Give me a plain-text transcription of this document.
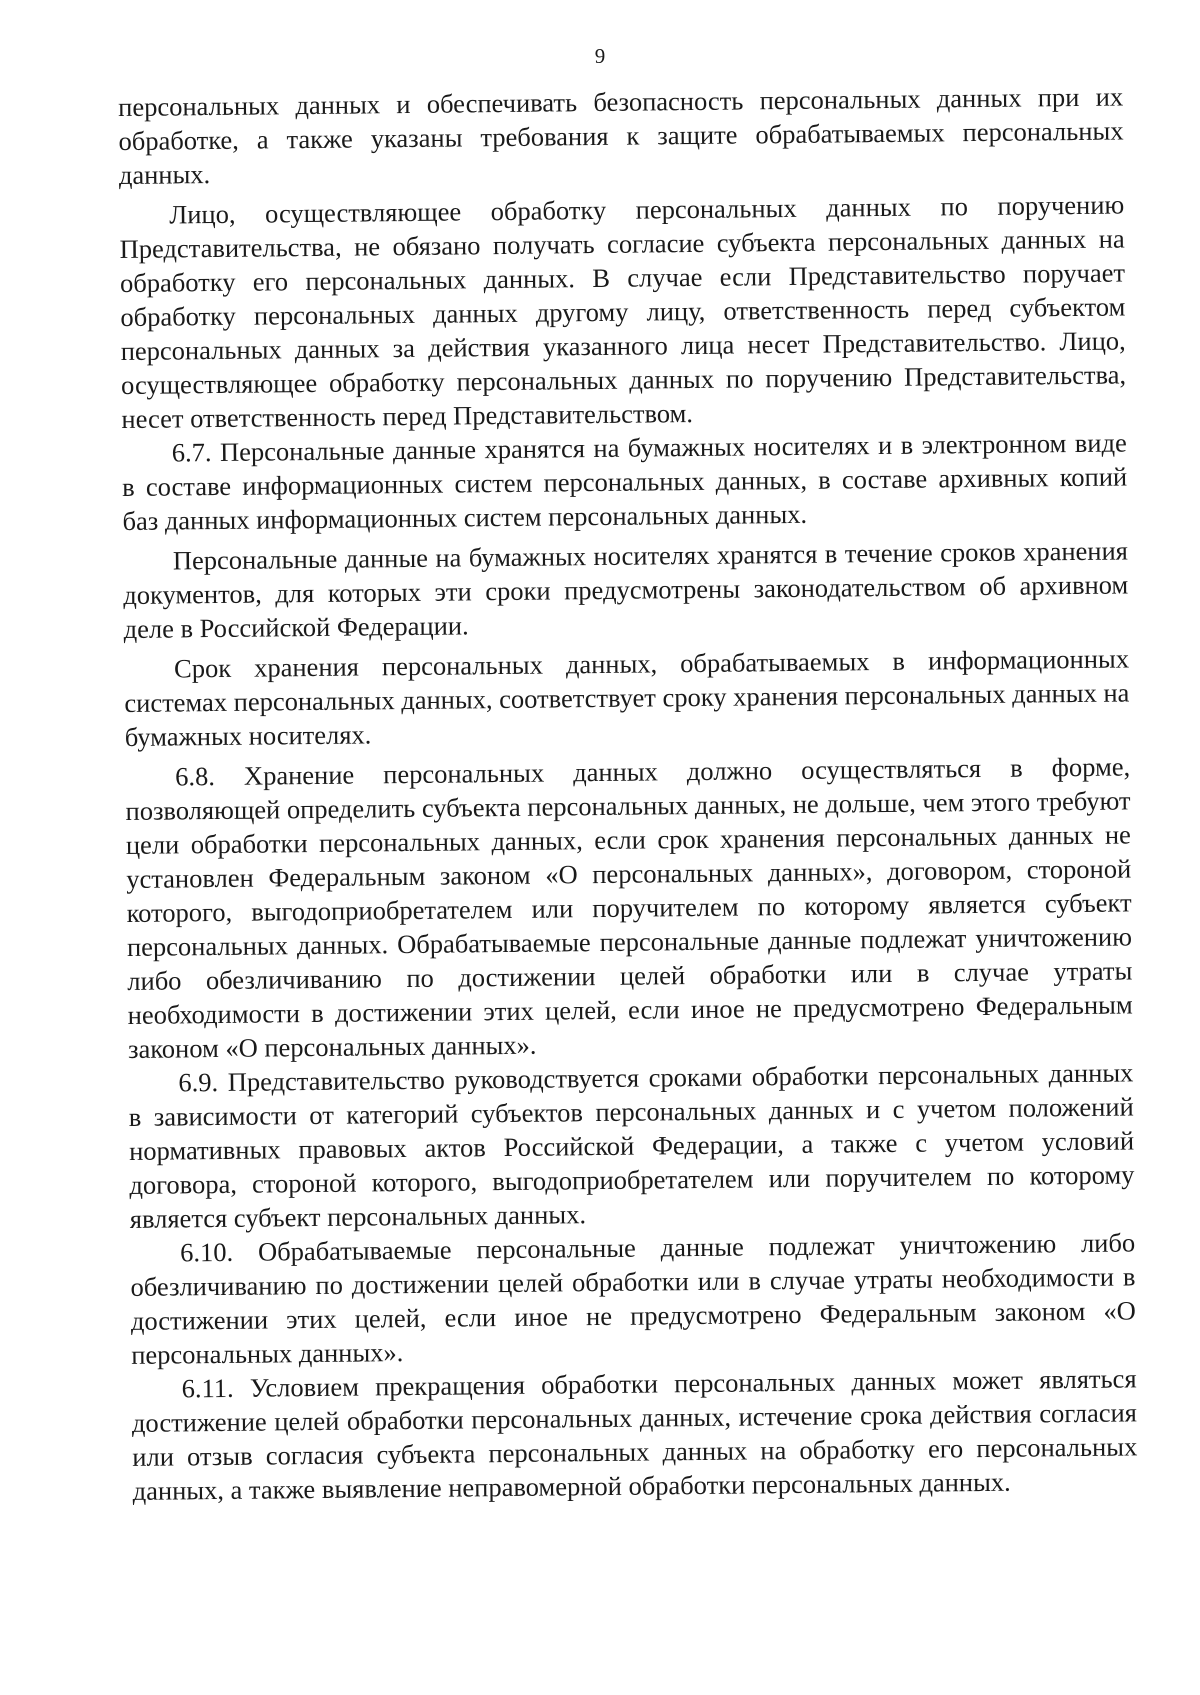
9

персональных данных и обеспечивать безопасность персональных данных при их обработке, а также указаны требования к защите обрабатываемых персональных данных.

Лицо, осуществляющее обработку персональных данных по поручению Представительства, не обязано получать согласие субъекта персональных данных на обработку его персональных данных. В случае если Представительство поручает обработку персональных данных другому лицу, ответственность перед субъектом персональных данных за действия указанного лица несет Представительство. Лицо, осуществляющее обработку персональных данных по поручению Представительства, несет ответственность перед Представительством.

6.7. Персональные данные хранятся на бумажных носителях и в электронном виде в составе информационных систем персональных данных, в составе архивных копий баз данных информационных систем персональных данных.

Персональные данные на бумажных носителях хранятся в течение сроков хранения документов, для которых эти сроки предусмотрены законодательством об архивном деле в Российской Федерации.

Срок хранения персональных данных, обрабатываемых в информационных системах персональных данных, соответствует сроку хранения персональных данных на бумажных носителях.

6.8. Хранение персональных данных должно осуществляться в форме, позволяющей определить субъекта персональных данных, не дольше, чем этого требуют цели обработки персональных данных, если срок хранения персональных данных не установлен Федеральным законом «О персональных данных», договором, стороной которого, выгодоприобретателем или поручителем по которому является субъект персональных данных. Обрабатываемые персональные данные подлежат уничтожению либо обезличиванию по достижении целей обработки или в случае утраты необходимости в достижении этих целей, если иное не предусмотрено Федеральным законом «О персональных данных».

6.9. Представительство руководствуется сроками обработки персональных данных в зависимости от категорий субъектов персональных данных и с учетом положений нормативных правовых актов Российской Федерации, а также с учетом условий договора, стороной которого, выгодоприобретателем или поручителем по которому является субъект персональных данных.

6.10. Обрабатываемые персональные данные подлежат уничтожению либо обезличиванию по достижении целей обработки или в случае утраты необходимости в достижении этих целей, если иное не предусмотрено Федеральным законом «О персональных данных».

6.11. Условием прекращения обработки персональных данных может являться достижение целей обработки персональных данных, истечение срока действия согласия или отзыв согласия субъекта персональных данных на обработку его персональных данных, а также выявление неправомерной обработки персональных данных.
